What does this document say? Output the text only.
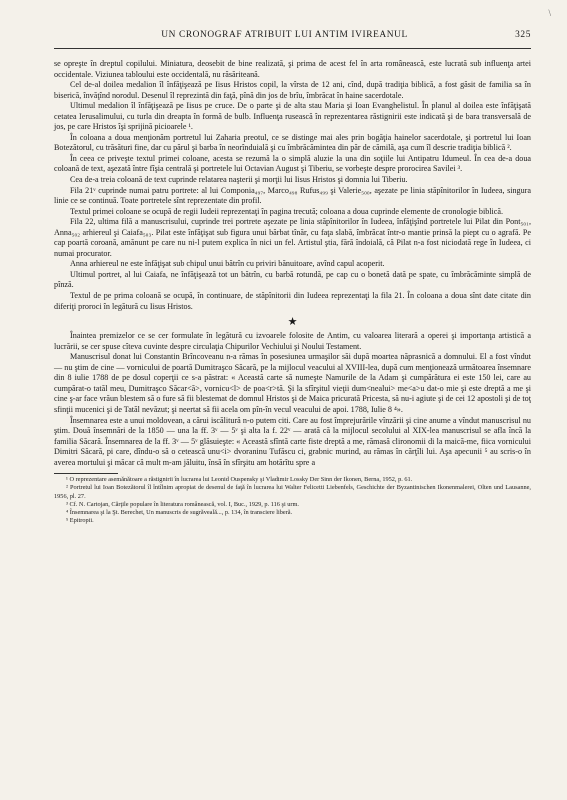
\
UN CRONOGRAF ATRIBUIT LUI ANTIM IVIREANUL	325

se opreşte în dreptul copilului. Miniatura, deosebit de bine realizată, şi prima de acest fel în arta românească, este lucrată sub influenţa artei occidentale. Viziunea tabloului este occidentală, nu răsăriteană.

Cel de-al doilea medalion îl înfăţişează pe Iisus Hristos copil, la vîrsta de 12 ani, cînd, după tradiţia biblică, a fost găsit de familia sa în biserică, învăţînd norodul. Desenul îl reprezintă din faţă, pînă din jos de brîu, îmbrăcat în haine sacerdotale.

Ultimul medalion îl înfăţişează pe Iisus pe cruce. De o parte şi de alta stau Maria şi Ioan Evanghelistul. În planul al doilea este înfăţişată cetatea Ierusalimului, cu turla din dreapta în formă de bulb. Influenţa rusească în reprezentarea răstignirii este indicată şi de bara transversală de jos, pe care Hristos îşi sprijină picioarele ¹.

În coloana a doua menţionăm portretul lui Zaharia preotul, ce se distinge mai ales prin bogăţia hainelor sacerdotale, şi portretul lui Ioan Botezătorul, cu trăsături fine, dar cu părul şi barba în neorînduială şi cu îmbrăcămintea din păr de cămilă, aşa cum îl descrie tradiţia biblică ².

În ceea ce priveşte textul primei coloane, acesta se rezumă la o simplă aluzie la una din soţiile lui Antipatru Idumeul. În cea de-a doua coloană de text, aşezată între fîşia centrală şi portretele lui Octavian August şi Tiberiu, se vorbeşte despre prorocirea Savilei ³.

Cea de-a treia coloană de text cuprinde relatarea naşterii şi morţii lui Iisus Hristos şi domnia lui Tiberiu.

Fila 21ᵛ cuprinde numai patru portrete: al lui Componia₄₉₇, Marco₄₉₈ Rufus₄₉₉ şi Valerie₅₀₀, aşezate pe linia stăpînitorilor în Iudeea, singura linie ce se continuă. Toate portretele sînt reprezentate din profil.

Textul primei coloane se ocupă de regii Iudeii reprezentaţi în pagina trecută; coloana a doua cuprinde elemente de cronologie biblică.

Fila 22, ultima filă a manuscrisului, cuprinde trei portrete aşezate pe linia stăpînitorilor în Iudeea, înfăţişînd portretele lui Pilat din Pont₅₀₁, Anna₅₀₂ arhiereul şi Caiafa₅₀₃. Pilat este înfăţişat sub figura unui bărbat tînăr, cu faţa slabă, îmbrăcat într-o mantie prinsă la piept cu o agrafă. Pe cap poartă coroană, amănunt pe care nu ni-l putem explica în nici un fel. Artistul ştia, fără îndoială, că Pilat n-a fost niciodată rege în Iudeea, ci numai procurator.

Anna arhiereul ne este înfăţişat sub chipul unui bătrîn cu priviri bănuitoare, avînd capul acoperit.

Ultimul portret, al lui Caiafa, ne înfăţişează tot un bătrîn, cu barbă rotundă, pe cap cu o bonetă dată pe spate, cu îmbrăcăminte simplă de pînză.

Textul de pe prima coloană se ocupă, în continuare, de stăpînitorii din Iudeea reprezentaţi la fila 21. În coloana a doua sînt date citate din diferiţi proroci în legătură cu Iisus Hristos.

★

Înaintea premizelor ce se cer formulate în legătură cu izvoarele folosite de Antim, cu valoarea literară a operei şi importanţa artistică a lucrării, se cer spuse cîteva cuvinte despre circulaţia Chipurilor Vechiului şi Noului Testament.

Manuscrisul donat lui Constantin Brîncoveanu n-a rămas în posesiunea urmaşilor săi după moartea năprasnică a domnului. El a fost vîndut — nu ştim de cine — vornicului de poartă Dumitraşco Săcară, pe la mijlocul veacului al XVIII-lea, după cum menţionează următoarea însemnare din 8 iulie 1788 de pe dosul coperţii ce s-a păstrat: « Această carte să numeşte Namurile de la Adam şi cumpărătura ei este 150 lei, care au cumpărat-o tatăl meu, Dumitraşco Săcar<ă>, vornicu<l> de poa<r>tă. Şi la sfîrşitul vieţii dum<nealui> me<a>u dat-o mie şi este dreptă a me şi cine ş-ar face vrăun blestem să o fure să fii blestemat de domnul Hristos şi de Maica pricurată Pricesta, să nu-i agiute şi de cei 12 apostoli şi de toţ sfinţii mucenici şi de Tatăl nevăzut; şi neertat să fii acela om pîn-în vecul veacului de apoi. 1788, Iulie 8 ⁴».

Însemnarea este a unui moldovean, a cărui iscălitură n-o putem citi. Care au fost împrejurările vînzării şi cine anume a vîndut manuscrisul nu ştim. Două însemnări de la 1850 — una la ff. 3ᵛ — 5ᵛ şi alta la f. 22ᵛ — arată că la mijlocul secolului al XIX-lea manuscrisul se afla încă la familia Săcară. Însemnarea de la ff. 3ᵛ — 5ᵛ glăsuieşte: « Această sfîntă carte fiste dreptă a me, rămasă clironomii di la maică-me, fiica vornicului Dimitri Săcară, pi care, dîndu-o să o cetească unu<i> dvoraninu Tufăscu ci, grabnic murind, au rămas în cărţîli lui. Aşa apecunii ⁵ au scris-o în averea mortului şi măcar că mult m-am jăluitu, însă în sfîrşitu am hotărîtu spre a

¹ O reprezentare asemănătoare a răstignirii în lucrarea lui Leonid Ouspensky şi Vladimir Lossky Der Sinn der Ikonen, Berna, 1952, p. 61.

² Portretul lui Ioan Botezătorul îl întîlnim apropiat de desenul de faţă în lucrarea lui Walter Felicetti Liebenfels, Geschichte der Byzantinischen Ikonenmalerei, Olten und Lausanne, 1956, pl. 27.

³ Cf. N. Cartojan, Cărţile populare în literatura românească, vol. I, Buc., 1929, p. 116 şi urm.

⁴ Însemnarea şi la Şt. Berechet, Un manuscris de sugrăveală..., p. 134, în transciere liberă.

⁵ Epitropii.
